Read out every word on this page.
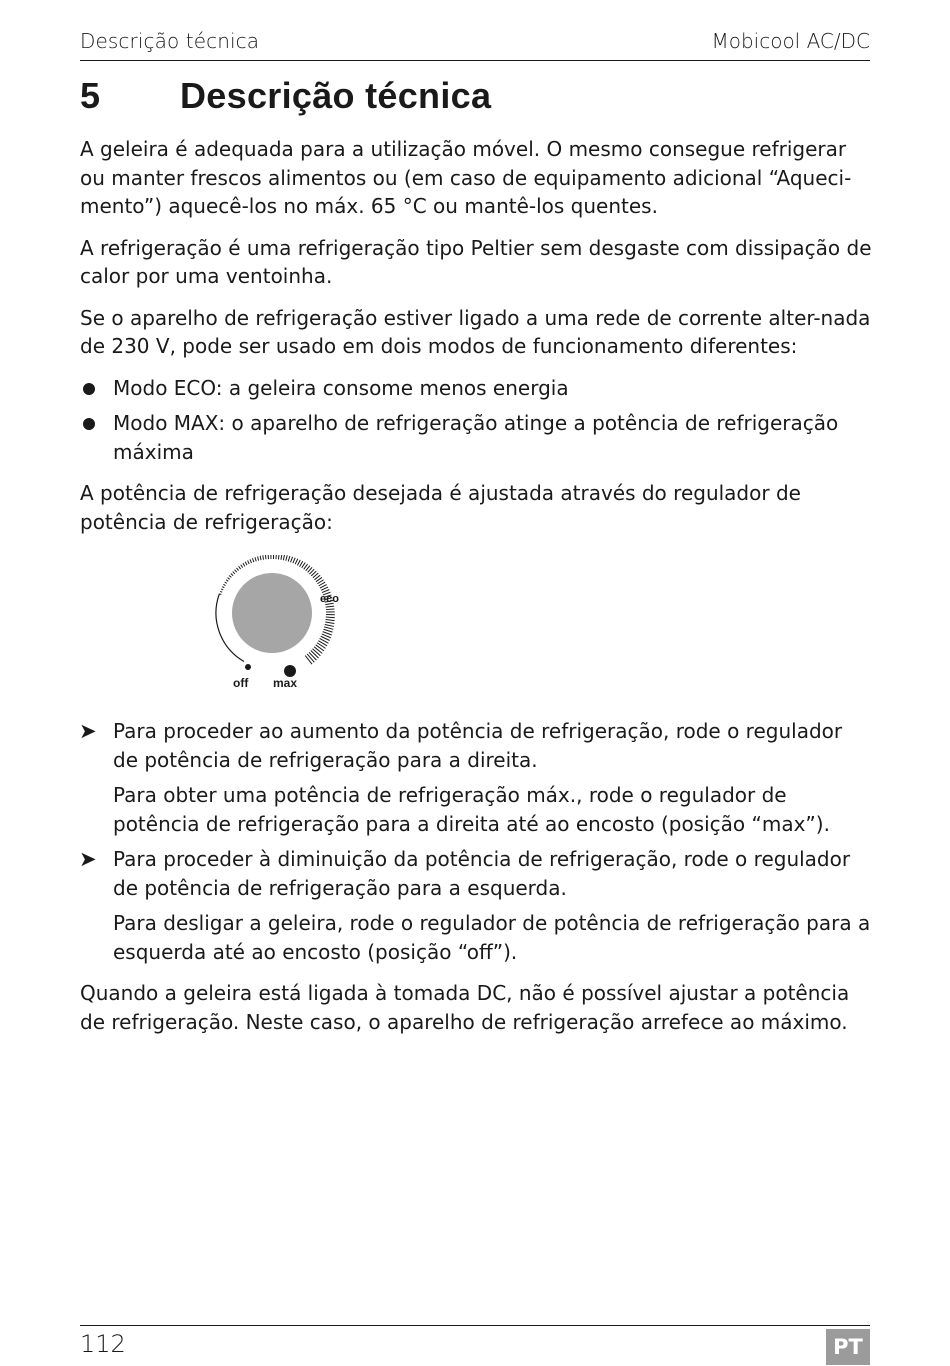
Descrição técnica	Mobicool AC/DC
5 Descrição técnica

A geleira é adequada para a utilização móvel. O mesmo consegue refrigerar ou manter frescos alimentos ou (em caso de equipamento adicional “Aqueci-mento”) aquecê-los no máx. 65 °C ou mantê-los quentes.

A refrigeração é uma refrigeração tipo Peltier sem desgaste com dissipação de calor por uma ventoinha.

Se o aparelho de refrigeração estiver ligado a uma rede de corrente alter-nada de 230 V, pode ser usado em dois modos de funcionamento diferentes:

Modo ECO: a geleira consome menos energia
Modo MAX: o aparelho de refrigeração atinge a potência de refrigeração máxima

A potência de refrigeração desejada é ajustada através do regulador de potência de refrigeração:

eco
off max
➤ Para proceder ao aumento da potência de refrigeração, rode o regulador de potência de refrigeração para a direita.
Para obter uma potência de refrigeração máx., rode o regulador de potência de refrigeração para a direita até ao encosto (posição “max”).
➤ Para proceder à diminuição da potência de refrigeração, rode o regulador de potência de refrigeração para a esquerda.
Para desligar a geleira, rode o regulador de potência de refrigeração para a esquerda até ao encosto (posição “off”).

Quando a geleira está ligada à tomada DC, não é possível ajustar a potência de refrigeração. Neste caso, o aparelho de refrigeração arrefece ao máximo.

112	PT
